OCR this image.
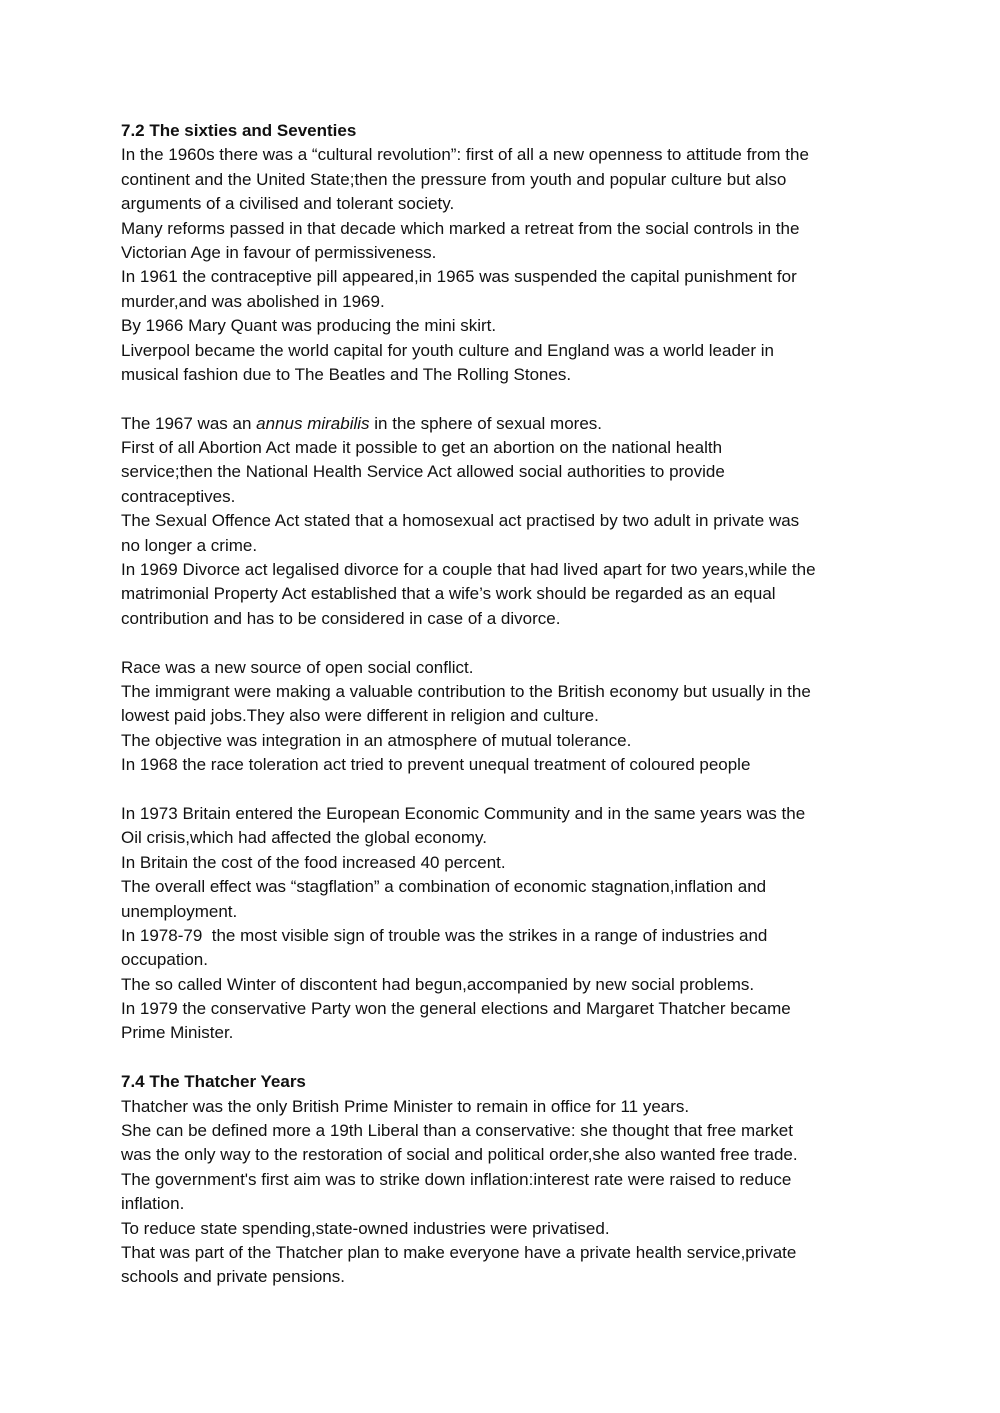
7.2 The sixties and Seventies
In the 1960s there was a “cultural revolution”: first of all a new openness to attitude from the
continent and the United State;then the pressure from youth and popular culture but also
arguments of a civilised and tolerant society.
Many reforms passed in that decade which marked a retreat from the social controls in the
Victorian Age in favour of permissiveness.
In 1961 the contraceptive pill appeared,in 1965 was suspended the capital punishment for
murder,and was abolished in 1969.
By 1966 Mary Quant was producing the mini skirt.
Liverpool became the world capital for youth culture and England was a world leader in
musical fashion due to The Beatles and The Rolling Stones.
The 1967 was an annus mirabilis in the sphere of sexual mores.
First of all Abortion Act made it possible to get an abortion on the national health
service;then the National Health Service Act allowed social authorities to provide
contraceptives.
The Sexual Offence Act stated that a homosexual act practised by two adult in private was
no longer a crime.
In 1969 Divorce act legalised divorce for a couple that had lived apart for two years,while the
matrimonial Property Act established that a wife’s work should be regarded as an equal
contribution and has to be considered in case of a divorce.
Race was a new source of open social conflict.
The immigrant were making a valuable contribution to the British economy but usually in the
lowest paid jobs.They also were different in religion and culture.
The objective was integration in an atmosphere of mutual tolerance.
In 1968 the race toleration act tried to prevent unequal treatment of coloured people
In 1973 Britain entered the European Economic Community and in the same years was the
Oil crisis,which had affected the global economy.
In Britain the cost of the food increased 40 percent.
The overall effect was “stagflation” a combination of economic stagnation,inflation and
unemployment.
In 1978-79  the most visible sign of trouble was the strikes in a range of industries and
occupation.
The so called Winter of discontent had begun,accompanied by new social problems.
In 1979 the conservative Party won the general elections and Margaret Thatcher became
Prime Minister.
7.4 The Thatcher Years
Thatcher was the only British Prime Minister to remain in office for 11 years.
She can be defined more a 19th Liberal than a conservative: she thought that free market
was the only way to the restoration of social and political order,she also wanted free trade.
The government's first aim was to strike down inflation:interest rate were raised to reduce
inflation.
To reduce state spending,state-owned industries were privatised.
That was part of the Thatcher plan to make everyone have a private health service,private
schools and private pensions.
